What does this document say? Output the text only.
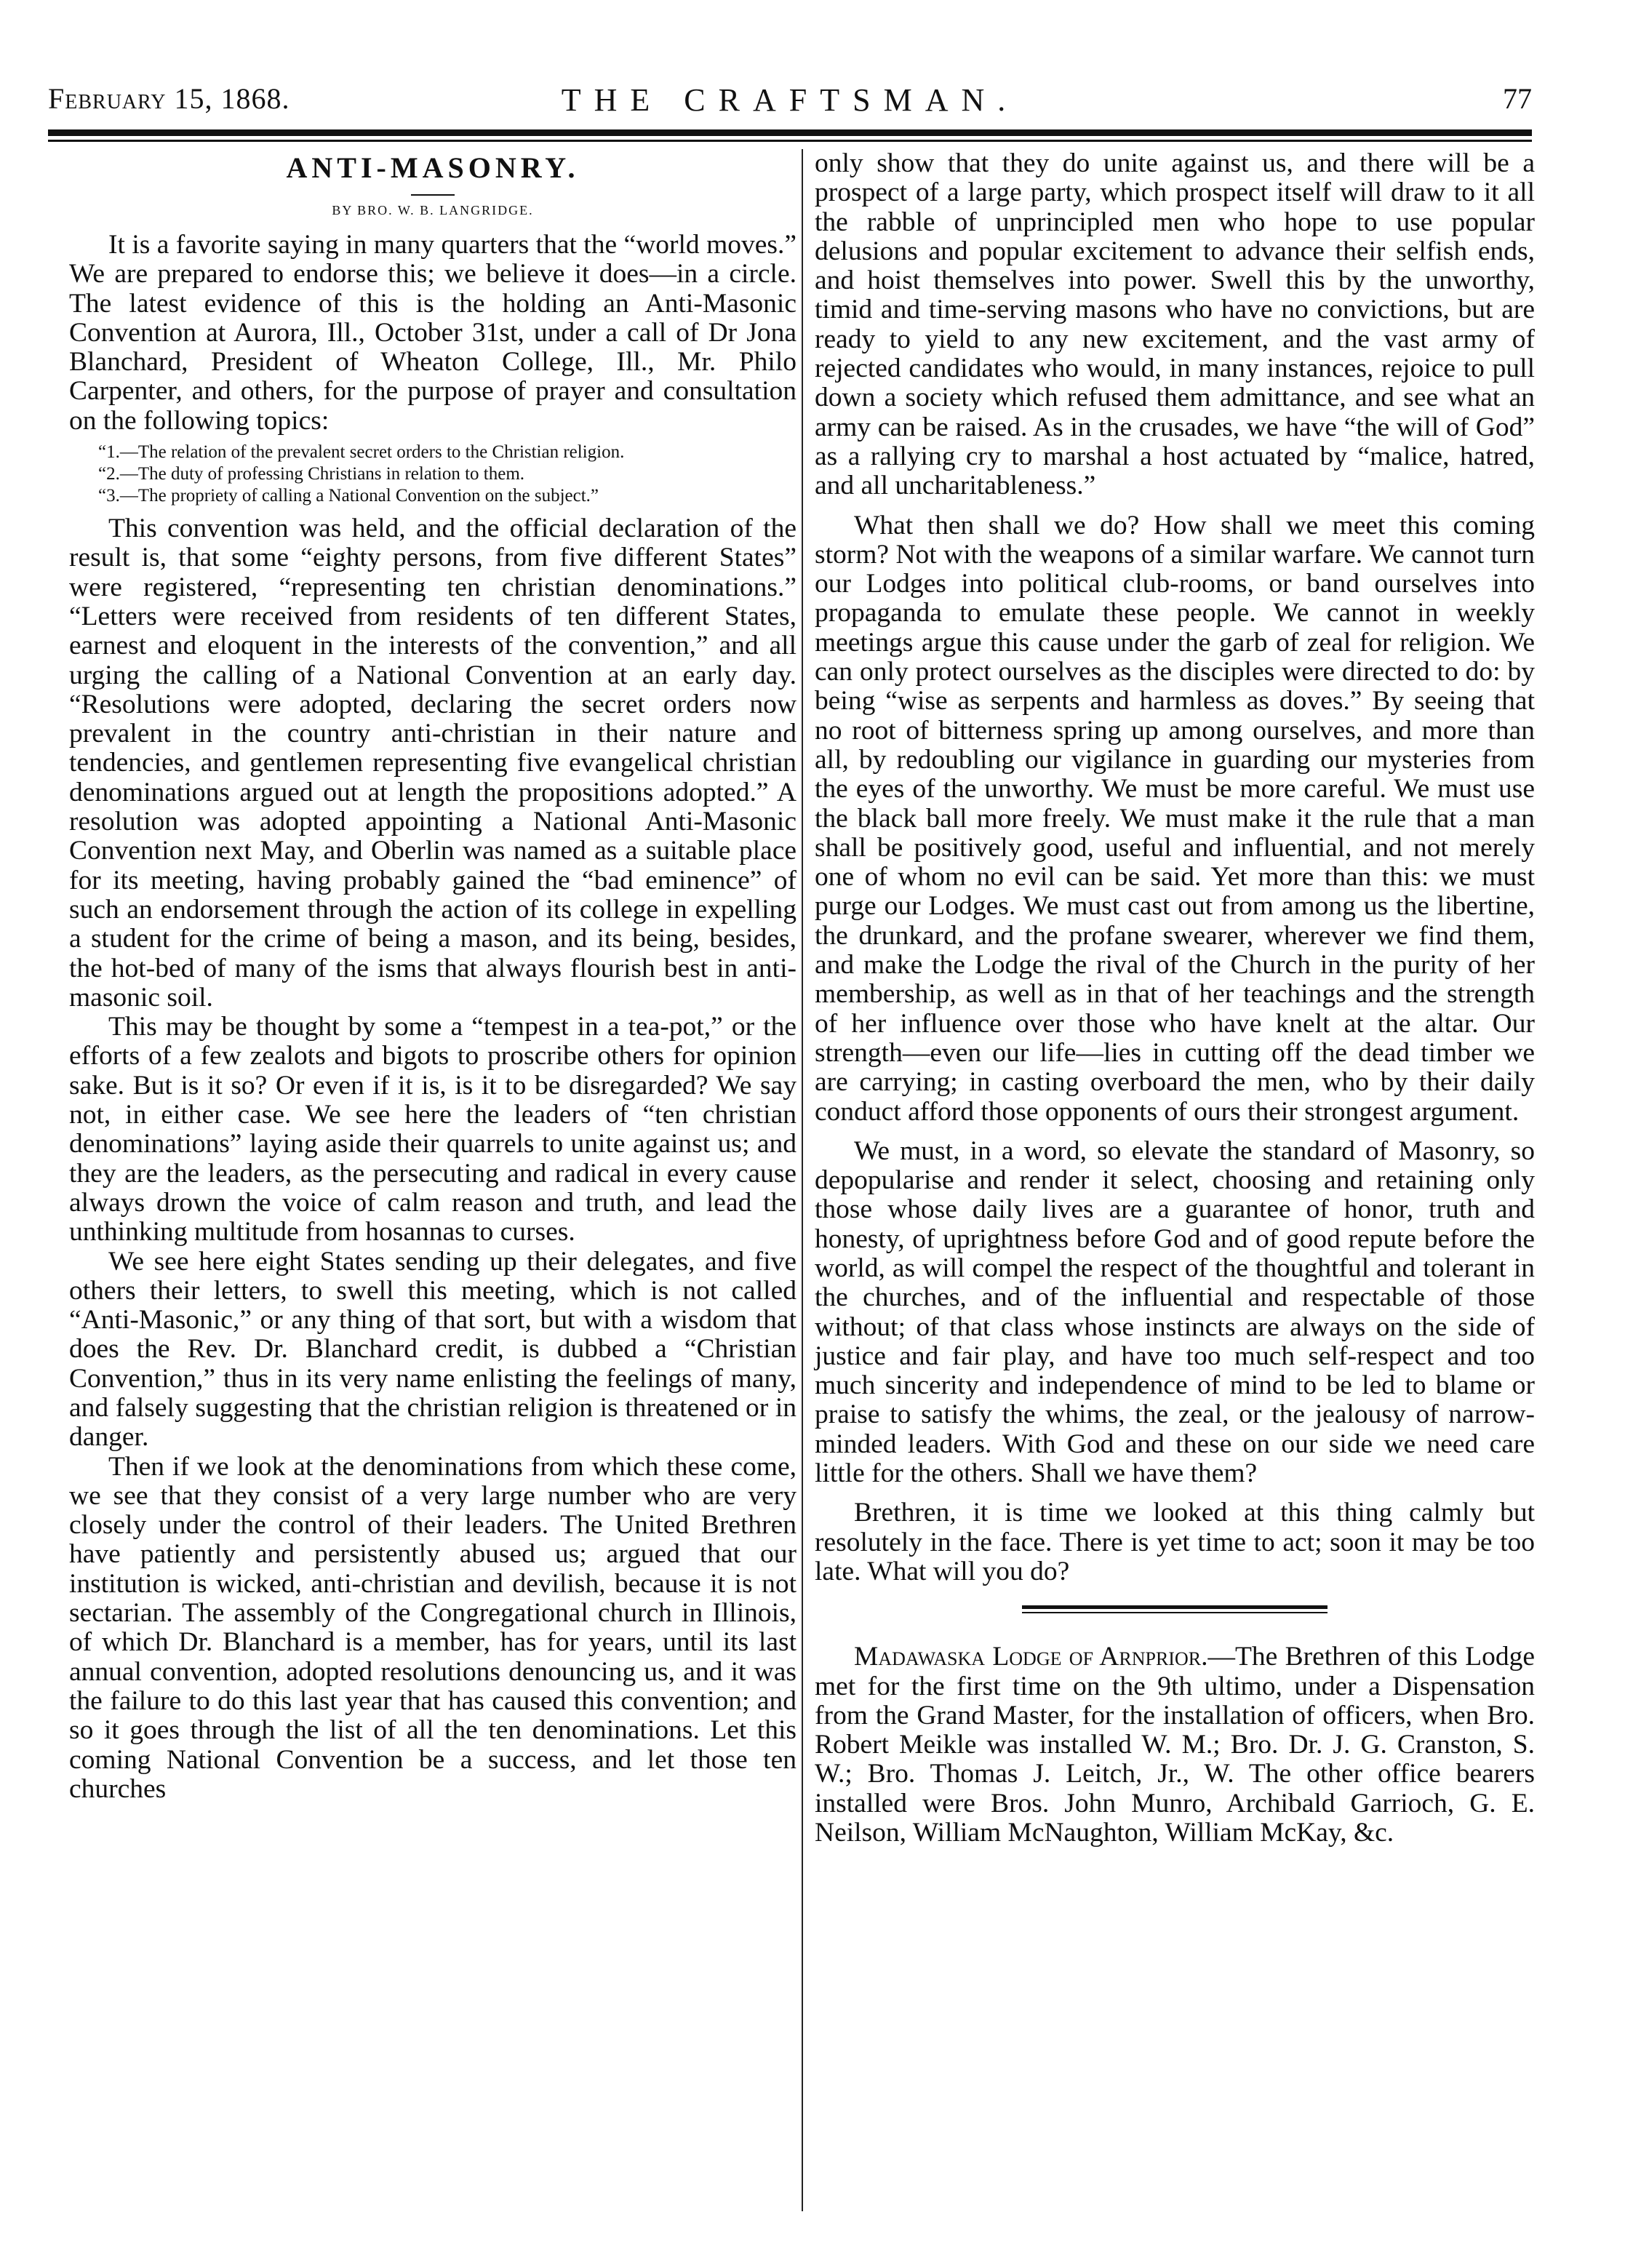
February 15, 1868.	THE CRAFTSMAN.	77
ANTI-MASONRY.
BY BRO. W. B. LANGRIDGE.

It is a favorite saying in many quarters that the “world moves.” We are prepared to endorse this; we believe it does—in a circle. The latest evidence of this is the holding an Anti-Masonic Convention at Aurora, Ill., October 31st, under a call of Dr Jona Blanchard, President of Wheaton College, Ill., Mr. Philo Carpenter, and others, for the purpose of prayer and consultation on the following topics:

“1.—The relation of the prevalent secret orders to the Christian religion.
“2.—The duty of professing Christians in relation to them.
“3.—The propriety of calling a National Convention on the subject.”

This convention was held, and the official declaration of the result is, that some “eighty persons, from five different States” were registered, “representing ten christian denominations.” “Letters were received from residents of ten different States, earnest and eloquent in the interests of the convention,” and all urging the calling of a National Convention at an early day. “Resolutions were adopted, declaring the secret orders now prevalent in the country anti-christian in their nature and tendencies, and gentlemen representing five evangelical christian denominations argued out at length the propositions adopted.” A resolution was adopted appointing a National Anti-Masonic Convention next May, and Oberlin was named as a suitable place for its meeting, having probably gained the “bad eminence” of such an endorsement through the action of its college in expelling a student for the crime of being a mason, and its being, besides, the hot-bed of many of the isms that always flourish best in anti-masonic soil.

This may be thought by some a “tempest in a tea-pot,” or the efforts of a few zealots and bigots to proscribe others for opinion sake. But is it so? Or even if it is, is it to be disregarded? We say not, in either case. We see here the leaders of “ten christian denominations” laying aside their quarrels to unite against us; and they are the leaders, as the persecuting and radical in every cause always drown the voice of calm reason and truth, and lead the unthinking multitude from hosannas to curses.

We see here eight States sending up their delegates, and five others their letters, to swell this meeting, which is not called “Anti-Masonic,” or any thing of that sort, but with a wisdom that does the Rev. Dr. Blanchard credit, is dubbed a “Christian Convention,” thus in its very name enlisting the feelings of many, and falsely suggesting that the christian religion is threatened or in danger.

Then if we look at the denominations from which these come, we see that they consist of a very large number who are very closely under the control of their leaders. The United Brethren have patiently and persistently abused us; argued that our institution is wicked, anti-christian and devilish, because it is not sectarian. The assembly of the Congregational church in Illinois, of which Dr. Blanchard is a member, has for years, until its last annual convention, adopted resolutions denouncing us, and it was the failure to do this last year that has caused this convention; and so it goes through the list of all the ten denominations. Let this coming National Convention be a success, and let those ten churches

only show that they do unite against us, and there will be a prospect of a large party, which prospect itself will draw to it all the rabble of unprincipled men who hope to use popular delusions and popular excitement to advance their selfish ends, and hoist themselves into power. Swell this by the unworthy, timid and time-serving masons who have no convictions, but are ready to yield to any new excitement, and the vast army of rejected candidates who would, in many instances, rejoice to pull down a society which refused them admittance, and see what an army can be raised. As in the crusades, we have “the will of God” as a rallying cry to marshal a host actuated by “malice, hatred, and all uncharitableness.”

What then shall we do? How shall we meet this coming storm? Not with the weapons of a similar warfare. We cannot turn our Lodges into political club-rooms, or band ourselves into propaganda to emulate these people. We cannot in weekly meetings argue this cause under the garb of zeal for religion. We can only protect ourselves as the disciples were directed to do: by being “wise as serpents and harmless as doves.” By seeing that no root of bitterness spring up among ourselves, and more than all, by redoubling our vigilance in guarding our mysteries from the eyes of the unworthy. We must be more careful. We must use the black ball more freely. We must make it the rule that a man shall be positively good, useful and influential, and not merely one of whom no evil can be said. Yet more than this: we must purge our Lodges. We must cast out from among us the libertine, the drunkard, and the profane swearer, wherever we find them, and make the Lodge the rival of the Church in the purity of her membership, as well as in that of her teachings and the strength of her influence over those who have knelt at the altar. Our strength—even our life—lies in cutting off the dead timber we are carrying; in casting overboard the men, who by their daily conduct afford those opponents of ours their strongest argument.

We must, in a word, so elevate the standard of Masonry, so depopularise and render it select, choosing and retaining only those whose daily lives are a guarantee of honor, truth and honesty, of uprightness before God and of good repute before the world, as will compel the respect of the thoughtful and tolerant in the churches, and of the influential and respectable of those without; of that class whose instincts are always on the side of justice and fair play, and have too much self-respect and too much sincerity and independence of mind to be led to blame or praise to satisfy the whims, the zeal, or the jealousy of narrow-minded leaders. With God and these on our side we need care little for the others. Shall we have them?

Brethren, it is time we looked at this thing calmly but resolutely in the face. There is yet time to act; soon it may be too late. What will you do?

Madawaska Lodge of Arnprior.—The Brethren of this Lodge met for the first time on the 9th ultimo, under a Dispensation from the Grand Master, for the installation of officers, when Bro. Robert Meikle was installed W. M.; Bro. Dr. J. G. Cranston, S. W.; Bro. Thomas J. Leitch, Jr., W. The other office bearers installed were Bros. John Munro, Archibald Garrioch, G. E. Neilson, William McNaughton, William McKay, &c.
